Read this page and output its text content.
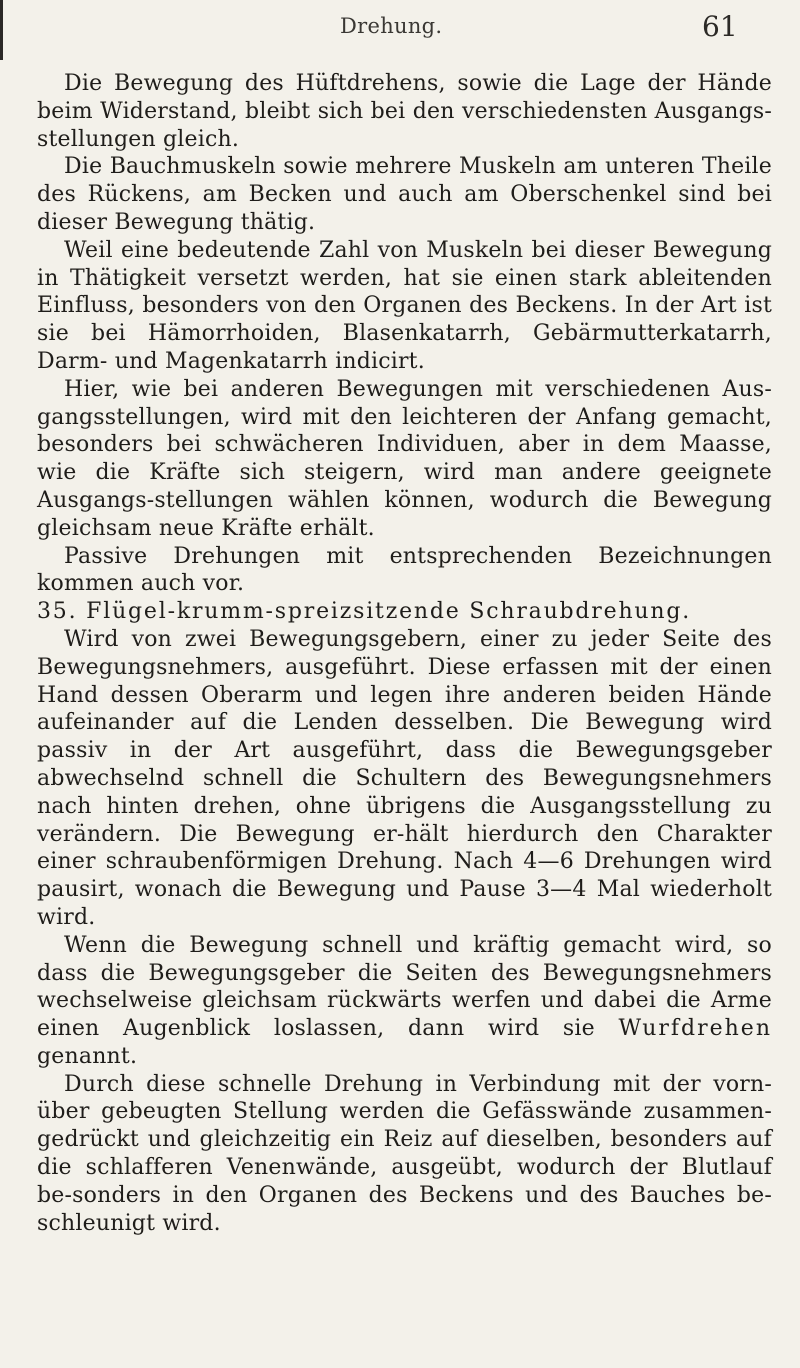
Drehung.	61

Die Bewegung des Hüftdrehens, sowie die Lage der Hände beim Widerstand, bleibt sich bei den verschiedensten Ausgangs-stellungen gleich.

Die Bauchmuskeln sowie mehrere Muskeln am unteren Theile des Rückens, am Becken und auch am Oberschenkel sind bei dieser Bewegung thätig.

Weil eine bedeutende Zahl von Muskeln bei dieser Bewegung in Thätigkeit versetzt werden, hat sie einen stark ableitenden Einfluss, besonders von den Organen des Beckens. In der Art ist sie bei Hämorrhoiden, Blasenkatarrh, Gebärmutterkatarrh, Darm- und Magenkatarrh indicirt.

Hier, wie bei anderen Bewegungen mit verschiedenen Aus-gangsstellungen, wird mit den leichteren der Anfang gemacht, besonders bei schwächeren Individuen, aber in dem Maasse, wie die Kräfte sich steigern, wird man andere geeignete Ausgangs-stellungen wählen können, wodurch die Bewegung gleichsam neue Kräfte erhält.

Passive Drehungen mit entsprechenden Bezeichnungen kommen auch vor.

35. Flügel-krumm-spreizsitzende Schraubdrehung.

Wird von zwei Bewegungsgebern, einer zu jeder Seite des Bewegungsnehmers, ausgeführt. Diese erfassen mit der einen Hand dessen Oberarm und legen ihre anderen beiden Hände aufeinander auf die Lenden desselben. Die Bewegung wird passiv in der Art ausgeführt, dass die Bewegungsgeber abwechselnd schnell die Schultern des Bewegungsnehmers nach hinten drehen, ohne übrigens die Ausgangsstellung zu verändern. Die Bewegung er-hält hierdurch den Charakter einer schraubenförmigen Drehung. Nach 4—6 Drehungen wird pausirt, wonach die Bewegung und Pause 3—4 Mal wiederholt wird.

Wenn die Bewegung schnell und kräftig gemacht wird, so dass die Bewegungsgeber die Seiten des Bewegungsnehmers wechselweise gleichsam rückwärts werfen und dabei die Arme einen Augenblick loslassen, dann wird sie Wurfdrehen genannt.

Durch diese schnelle Drehung in Verbindung mit der vorn-über gebeugten Stellung werden die Gefässwände zusammen-gedrückt und gleichzeitig ein Reiz auf dieselben, besonders auf die schlafferen Venenwände, ausgeübt, wodurch der Blutlauf be-sonders in den Organen des Beckens und des Bauches be-schleunigt wird.
